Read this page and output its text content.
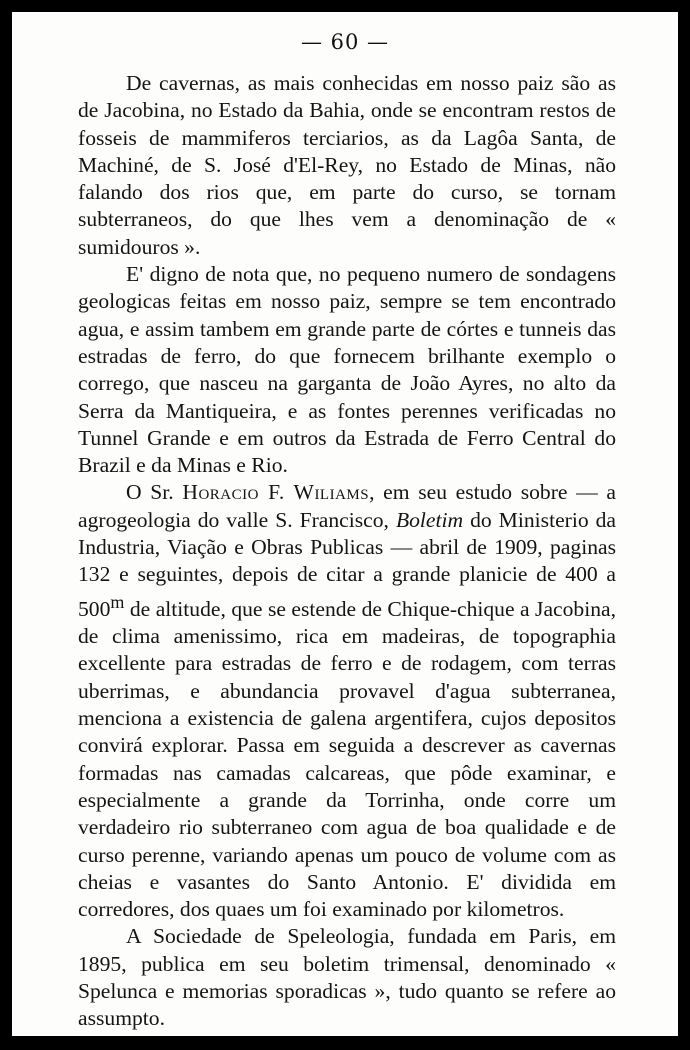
— 60 —

De cavernas, as mais conhecidas em nosso paiz são as de Jacobina, no Estado da Bahia, onde se encontram restos de fosseis de mammiferos terciarios, as da Lagôa Santa, de Machiné, de S. José d'El-Rey, no Estado de Minas, não falando dos rios que, em parte do curso, se tornam subterraneos, do que lhes vem a denominação de « sumidouros ».

E' digno de nota que, no pequeno numero de sondagens geologicas feitas em nosso paiz, sempre se tem encontrado agua, e assim tambem em grande parte de córtes e tunneis das estradas de ferro, do que fornecem brilhante exemplo o corrego, que nasceu na garganta de João Ayres, no alto da Serra da Mantiqueira, e as fontes perennes verificadas no Tunnel Grande e em outros da Estrada de Ferro Central do Brazil e da Minas e Rio.

O Sr. Horacio F. Wiliams, em seu estudo sobre — a agrogeologia do valle S. Francisco, Boletim do Ministerio da Industria, Viação e Obras Publicas — abril de 1909, paginas 132 e seguintes, depois de citar a grande planicie de 400 a 500$^m$ de altitude, que se estende de Chique-chique a Jacobina, de clima amenissimo, rica em madeiras, de topographia excellente para estradas de ferro e de rodagem, com terras uberrimas, e abundancia provavel d'agua subterranea, menciona a existencia de galena argentifera, cujos depositos convirá explorar. Passa em seguida a descrever as cavernas formadas nas camadas calcareas, que pôde examinar, e especialmente a grande da Torrinha, onde corre um verdadeiro rio subterraneo com agua de boa qualidade e de curso perenne, variando apenas um pouco de volume com as cheias e vasantes do Santo Antonio. E' dividida em corredores, dos quaes um foi examinado por kilometros.

A Sociedade de Speleologia, fundada em Paris, em 1895, publica em seu boletim trimensal, denominado « Spelunca e memorias sporadicas », tudo quanto se refere ao assumpto.
